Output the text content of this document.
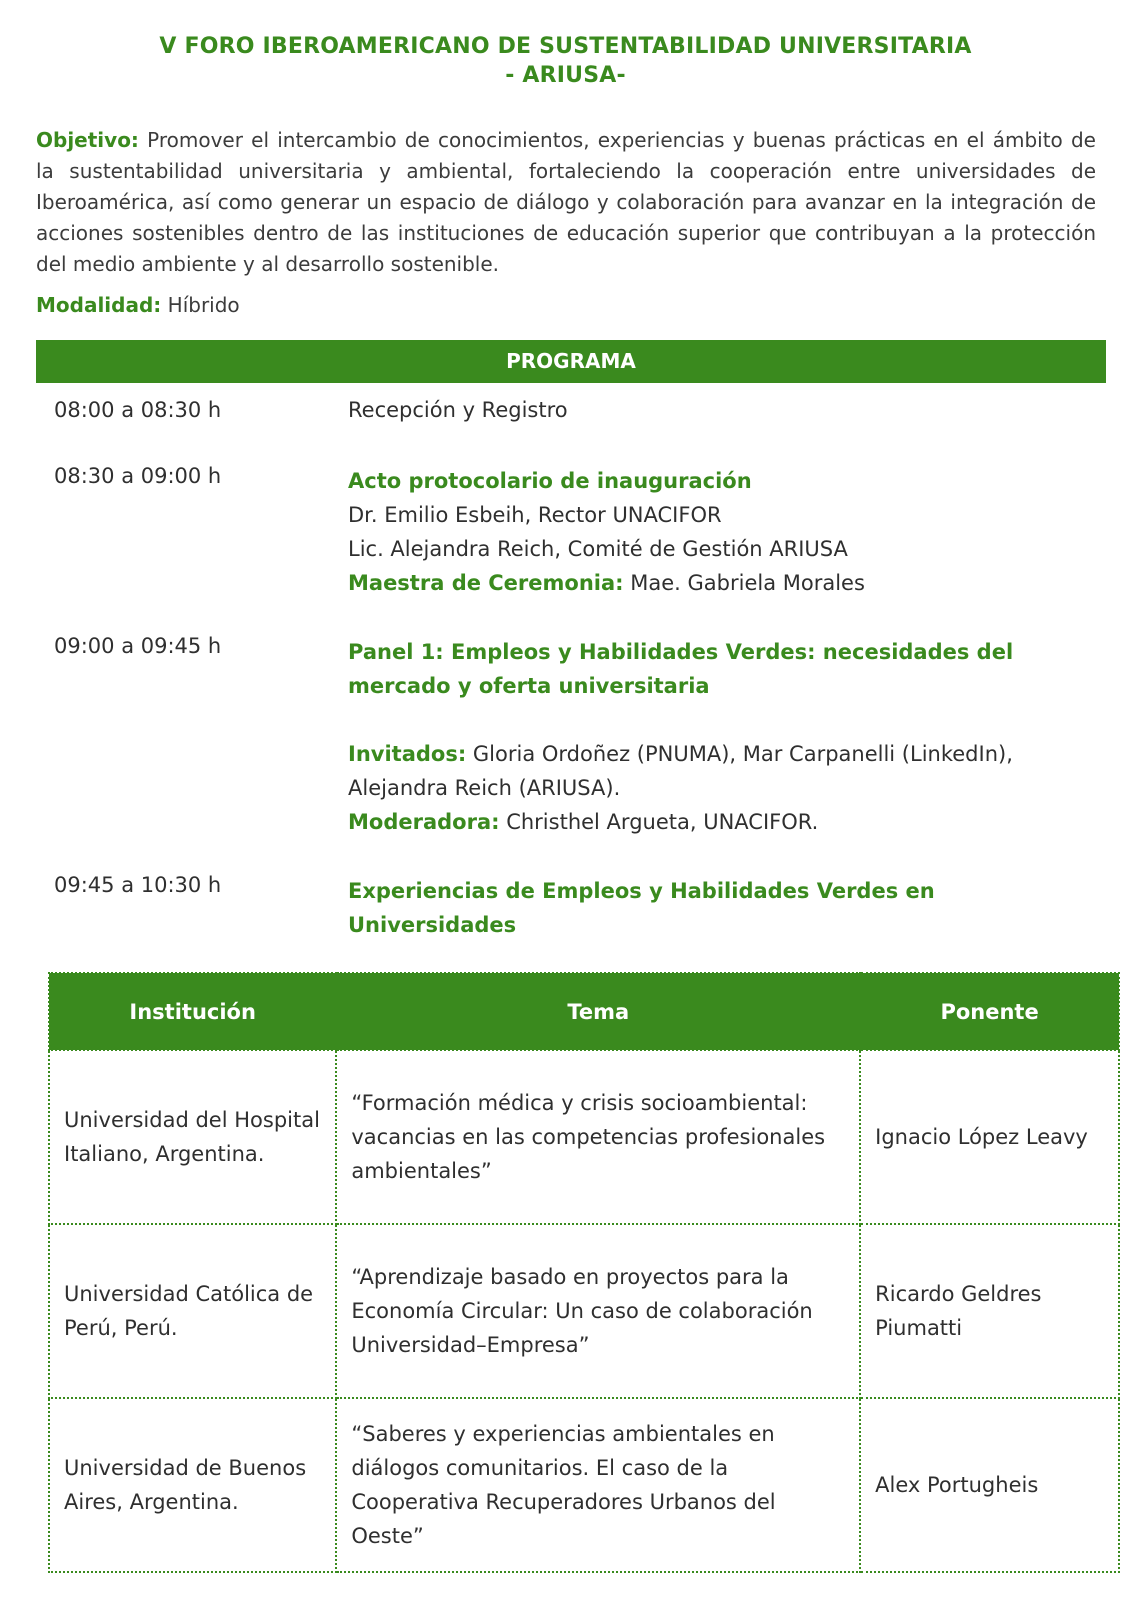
V FORO IBEROAMERICANO DE SUSTENTABILIDAD UNIVERSITARIA
- ARIUSA-
Objetivo: Promover el intercambio de conocimientos, experiencias y buenas prácticas en el ámbito de la sustentabilidad universitaria y ambiental, fortaleciendo la cooperación entre universidades de Iberoamérica, así como generar un espacio de diálogo y colaboración para avanzar en la integración de acciones sostenibles dentro de las instituciones de educación superior que contribuyan a la protección del medio ambiente y al desarrollo sostenible.
Modalidad: Híbrido
PROGRAMA
08:00 a 08:30 h	Recepción y Registro
08:30 a 09:00 h	Acto protocolario de inauguración
Dr. Emilio Esbeih, Rector UNACIFOR
Lic. Alejandra Reich, Comité de Gestión ARIUSA
Maestra de Ceremonia: Mae. Gabriela Morales
09:00 a 09:45 h	Panel 1: Empleos y Habilidades Verdes: necesidades del mercado y oferta universitaria
Invitados: Gloria Ordoñez (PNUMA), Mar Carpanelli (LinkedIn), Alejandra Reich (ARIUSA).
Moderadora: Christhel Argueta, UNACIFOR.
09:45 a 10:30 h	Experiencias de Empleos y Habilidades Verdes en Universidades
Institución	Tema	Ponente
Universidad del Hospital Italiano, Argentina.	“Formación médica y crisis socioambiental: vacancias en las competencias profesionales ambientales”	Ignacio López Leavy
Universidad Católica de Perú, Perú.	“Aprendizaje basado en proyectos para la Economía Circular: Un caso de colaboración Universidad–Empresa”	Ricardo Geldres Piumatti
Universidad de Buenos Aires, Argentina.	“Saberes y experiencias ambientales en diálogos comunitarios. El caso de la Cooperativa Recuperadores Urbanos del Oeste”	Alex Portugheis
